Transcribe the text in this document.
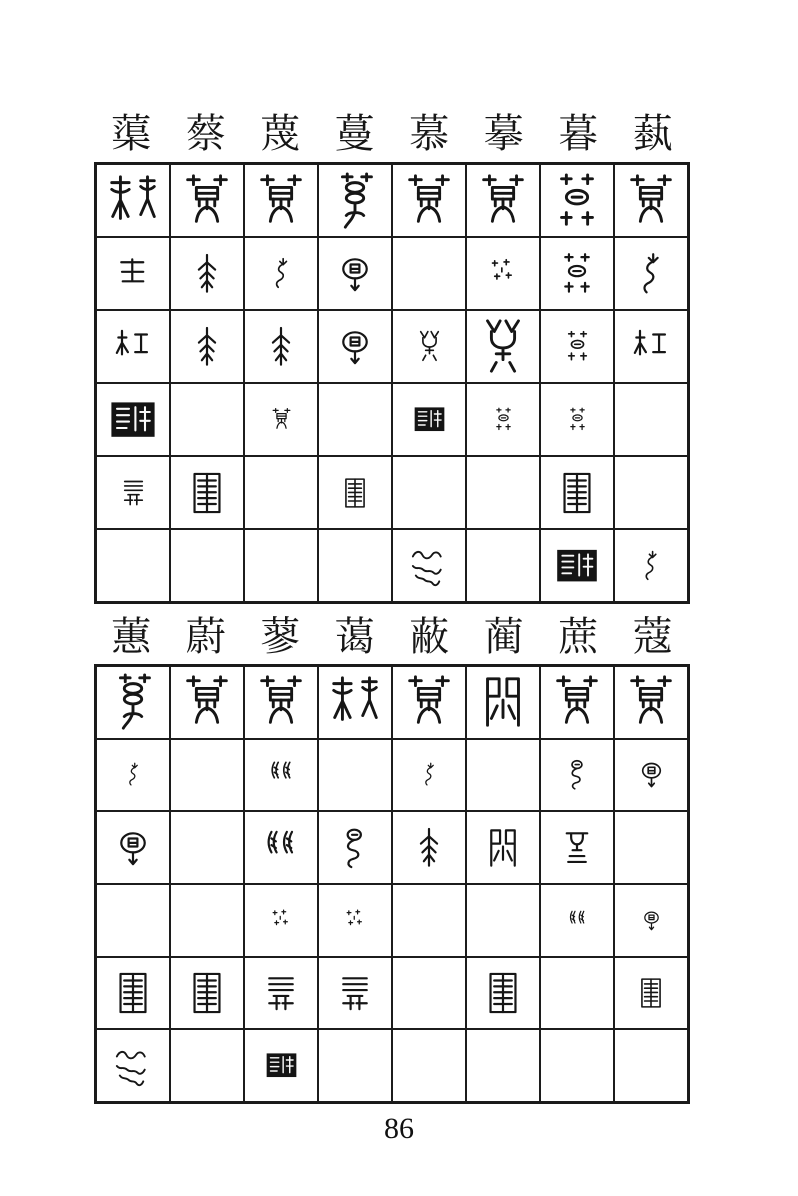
蕖 蔡 蔑 蔓 慕 摹 暮 蓺
蕙 蔚 蓼 蔼 蔽 蔺 蔗 蔻
86
